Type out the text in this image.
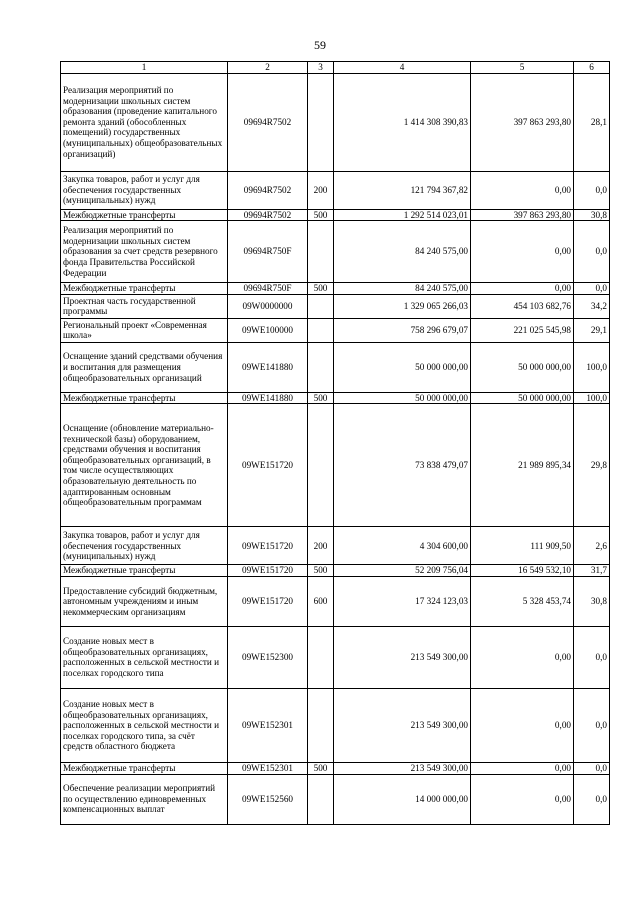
59
1	2	3	4	5	6
Реализация мероприятий по модернизации школьных систем образования (проведение капитального ремонта зданий (обособленных помещений) государственных (муниципальных) общеобразовательных организаций)	09694R7502		1 414 308 390,83	397 863 293,80	28,1
Закупка товаров, работ и услуг для обеспечения государственных (муниципальных) нужд	09694R7502	200	121 794 367,82	0,00	0,0
Межбюджетные трансферты	09694R7502	500	1 292 514 023,01	397 863 293,80	30,8
Реализация мероприятий по модернизации школьных систем образования за счет средств резервного фонда Правительства Российской Федерации	09694R750F		84 240 575,00	0,00	0,0
Межбюджетные трансферты	09694R750F	500	84 240 575,00	0,00	0,0
Проектная часть государственной программы	09W0000000		1 329 065 266,03	454 103 682,76	34,2
Региональный проект «Современная школа»	09WE100000		758 296 679,07	221 025 545,98	29,1
Оснащение зданий средствами обучения и воспитания для размещения общеобразовательных организаций	09WE141880		50 000 000,00	50 000 000,00	100,0
Межбюджетные трансферты	09WE141880	500	50 000 000,00	50 000 000,00	100,0
Оснащение (обновление материально-технической базы) оборудованием, средствами обучения и воспитания общеобразовательных организаций, в том числе осуществляющих образовательную деятельность по адаптированным основным общеобразовательным программам	09WE151720		73 838 479,07	21 989 895,34	29,8
Закупка товаров, работ и услуг для обеспечения государственных (муниципальных) нужд	09WE151720	200	4 304 600,00	111 909,50	2,6
Межбюджетные трансферты	09WE151720	500	52 209 756,04	16 549 532,10	31,7
Предоставление субсидий бюджетным, автономным учреждениям и иным некоммерческим организациям	09WE151720	600	17 324 123,03	5 328 453,74	30,8
Создание новых мест в общеобразовательных организациях, расположенных в сельской местности и поселках городского типа	09WE152300		213 549 300,00	0,00	0,0
Создание новых мест в общеобразовательных организациях, расположенных в сельской местности и поселках городского типа, за счёт средств областного бюджета	09WE152301		213 549 300,00	0,00	0,0
Межбюджетные трансферты	09WE152301	500	213 549 300,00	0,00	0,0
Обеспечение реализации мероприятий по осуществлению единовременных компенсационных выплат	09WE152560		14 000 000,00	0,00	0,0
